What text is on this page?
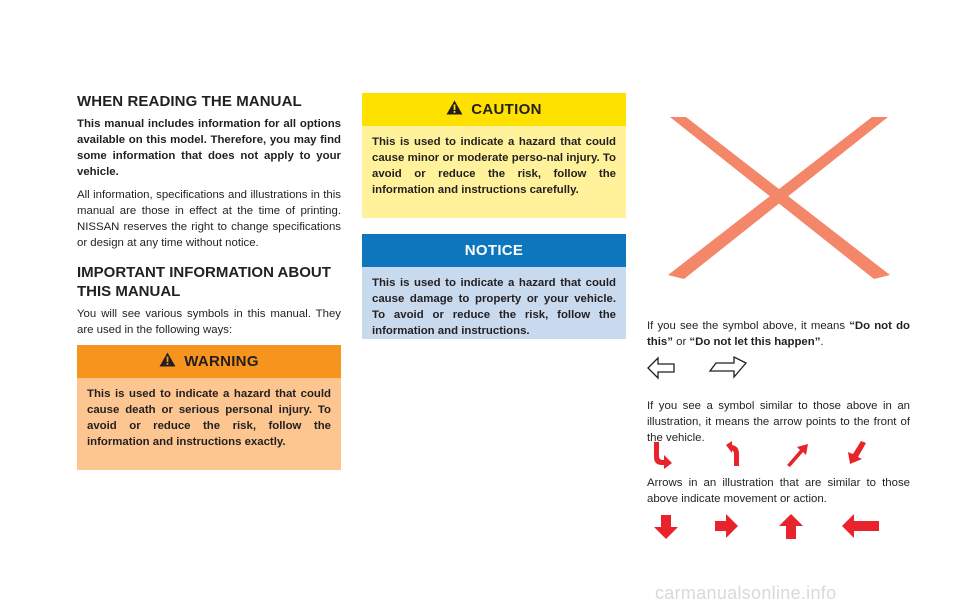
WHEN READING THE MANUAL

This manual includes information for all options available on this model. Therefore, you may find some information that does not apply to your vehicle.

All information, specifications and illustrations in this manual are those in effect at the time of printing. NISSAN reserves the right to change specifications or design at any time without notice.

IMPORTANT INFORMATION ABOUT THIS MANUAL

You will see various symbols in this manual. They are used in the following ways:

WARNING
This is used to indicate a hazard that could cause death or serious personal injury. To avoid or reduce the risk, follow the information and instructions exactly.
CAUTION
This is used to indicate a hazard that could cause minor or moderate perso-nal injury. To avoid or reduce the risk, follow the information and instructions carefully.
NOTICE
This is used to indicate a hazard that could cause damage to property or your vehicle. To avoid or reduce the risk, follow the information and instructions.	If you see the symbol above, it means “Do not do this” or “Do not let this happen”.

If you see a symbol similar to those above in an illustration, it means the arrow points to the front of the vehicle.

Arrows in an illustration that are similar to those above indicate movement or action.

carmanualsonline.info
